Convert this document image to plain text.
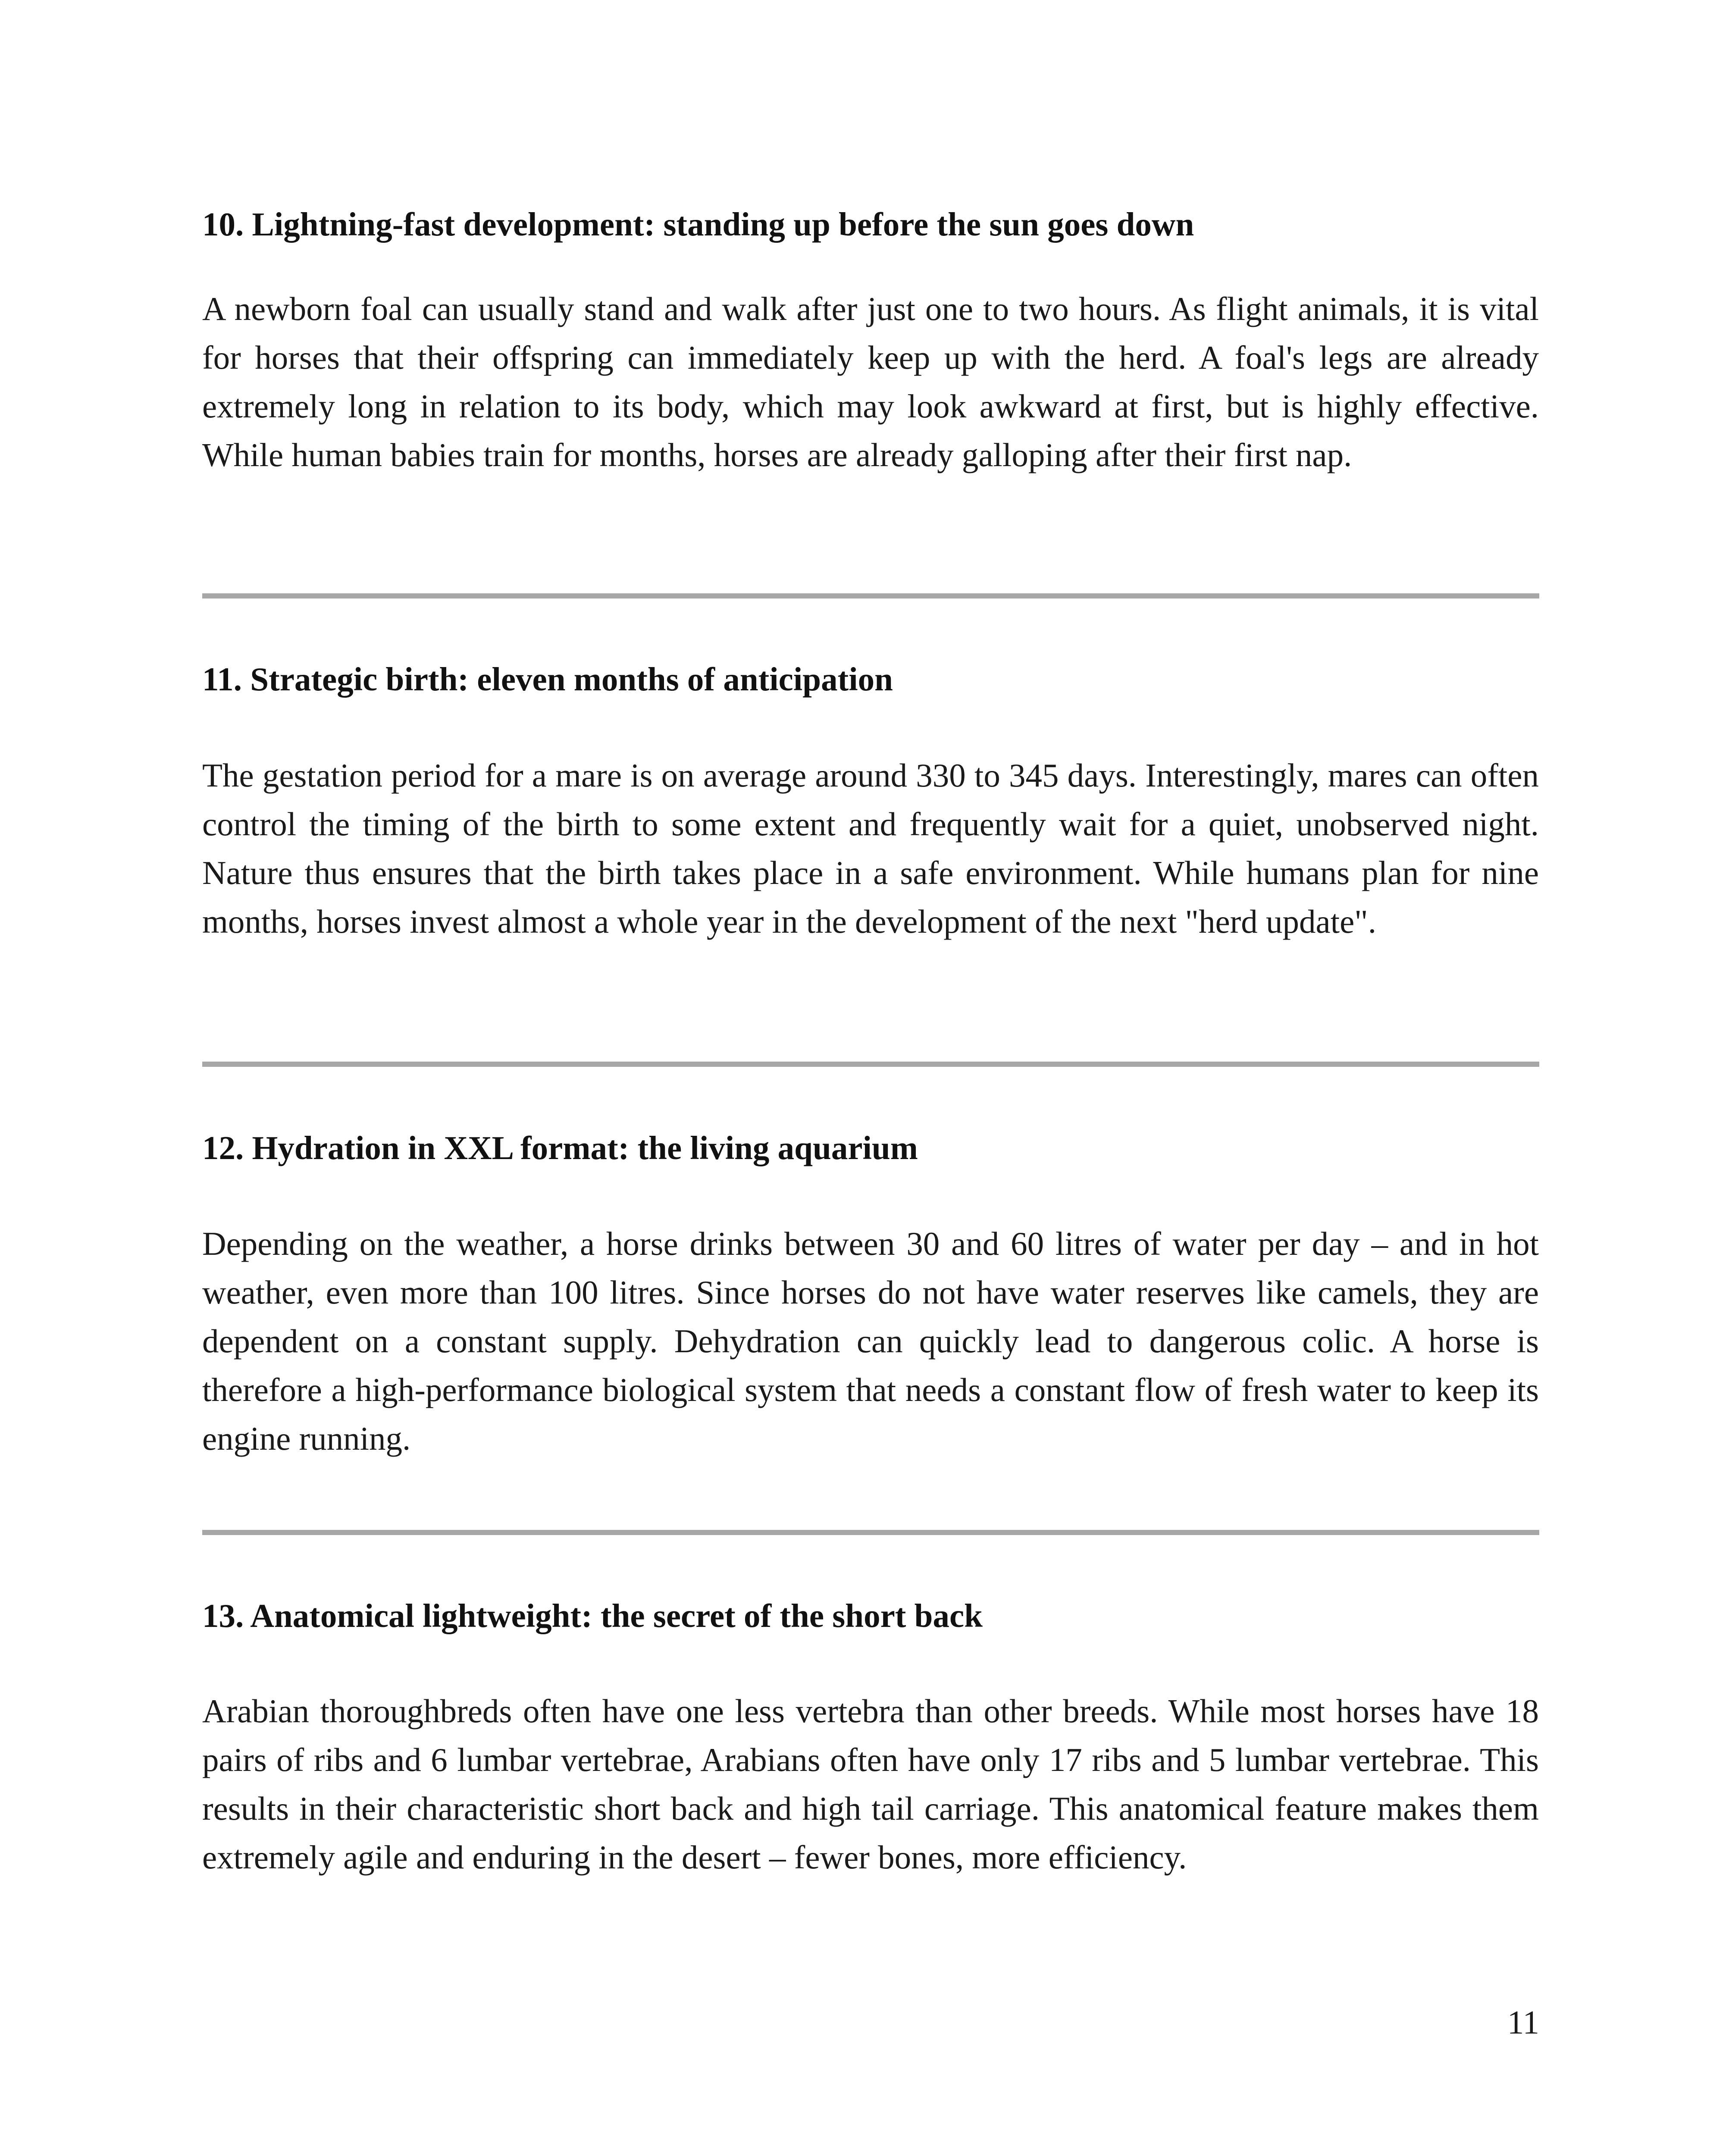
10. Lightning-fast development: standing up before the sun goes down

A newborn foal can usually stand and walk after just one to two hours. As flight animals, it is vital for horses that their offspring can immediately keep up with the herd. A foal's legs are already extremely long in relation to its body, which may look awkward at first, but is highly effective. While human babies train for months, horses are already galloping after their first nap.

11. Strategic birth: eleven months of anticipation

The gestation period for a mare is on average around 330 to 345 days. Interestingly, mares can often control the timing of the birth to some extent and frequently wait for a quiet, unobserved night. Nature thus ensures that the birth takes place in a safe environment. While humans plan for nine months, horses invest almost a whole year in the development of the next "herd update".

12. Hydration in XXL format: the living aquarium

Depending on the weather, a horse drinks between 30 and 60 litres of water per day – and in hot weather, even more than 100 litres. Since horses do not have water reserves like camels, they are dependent on a constant supply. Dehydration can quickly lead to dangerous colic. A horse is therefore a high-performance biological system that needs a constant flow of fresh water to keep its engine running.

13. Anatomical lightweight: the secret of the short back

Arabian thoroughbreds often have one less vertebra than other breeds. While most horses have 18 pairs of ribs and 6 lumbar vertebrae, Arabians often have only 17 ribs and 5 lumbar vertebrae. This results in their characteristic short back and high tail carriage. This anatomical feature makes them extremely agile and enduring in the desert – fewer bones, more efficiency.

11
